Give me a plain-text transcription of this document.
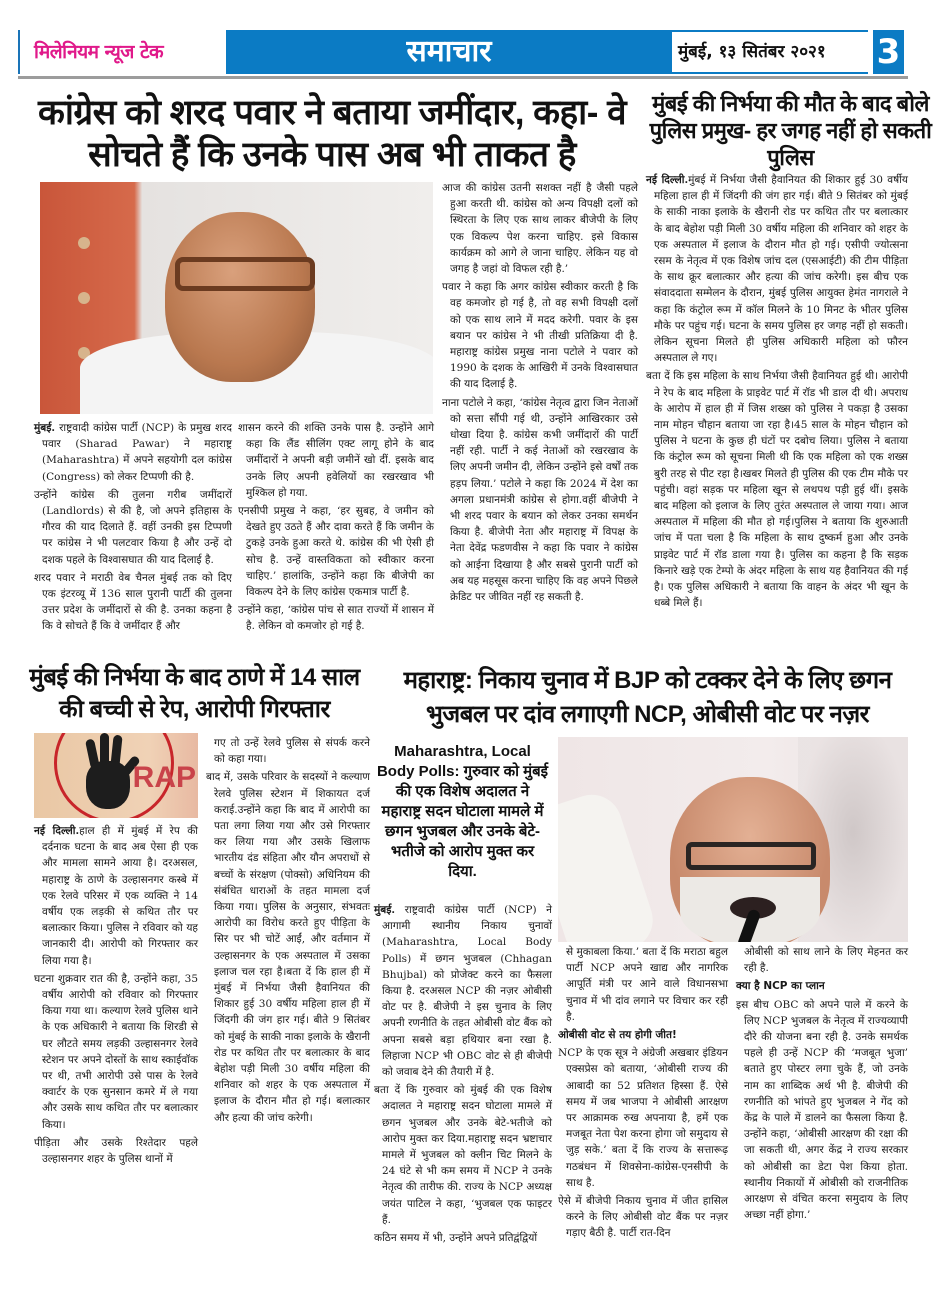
मिलेनियम न्यूज टेक	समाचार	मुंबई, १३ सितंबर २०२१	3
कांग्रेस को शरद पवार ने बताया जमींदार, कहा- वे सोचते हैं कि उनके पास अब भी ताकत है

मुंबई. राष्ट्रवादी कांग्रेस पार्टी (NCP) के प्रमुख शरद पवार (Sharad Pawar) ने महाराष्ट्र (Maharashtra) में अपने सहयोगी दल कांग्रेस (Congress) को लेकर टिप्पणी की है.

उन्होंने कांग्रेस की तुलना गरीब जमींदारों (Landlords) से की है, जो अपने इतिहास के गौरव की याद दिलाते हैं. वहीं उनकी इस टिप्पणी पर कांग्रेस ने भी पलटवार किया है और उन्हें दो दशक पहले के विश्वासघात की याद दिलाई है.

शरद पवार ने मराठी वेब चैनल मुंबई तक को दिए एक इंटरव्यू में 136 साल पुरानी पार्टी की तुलना उत्तर प्रदेश के जमींदारों से की है. उनका कहना है कि वे सोचते हैं कि वे जमींदार हैं और

शासन करने की शक्ति उनके पास है. उन्होंने आगे कहा कि लैंड सीलिंग एक्ट लागू होने के बाद जमींदारों ने अपनी बड़ी जमीनें खो दीं. इसके बाद उनके लिए अपनी हवेलियों का रखरखाव भी मुश्किल हो गया.

एनसीपी प्रमुख ने कहा, ‘हर सुबह, वे जमीन को देखते हुए उठते हैं और दावा करते हैं कि जमीन के टुकड़े उनके हुआ करते थे. कांग्रेस की भी ऐसी ही सोच है. उन्हें वास्तविकता को स्वीकार करना चाहिए.’ हालांकि, उन्होंने कहा कि बीजेपी का विकल्प देने के लिए कांग्रेस एकमात्र पार्टी है.

उन्होंने कहा, ‘कांग्रेस पांच से सात राज्यों में शासन में है. लेकिन वो कमजोर हो गई है.

आज की कांग्रेस उतनी सशक्त नहीं है जैसी पहले हुआ करती थी. कांग्रेस को अन्य विपक्षी दलों को स्थिरता के लिए एक साथ लाकर बीजेपी के लिए एक विकल्प पेश करना चाहिए. इसे विकास कार्यक्रम को आगे ले जाना चाहिए. लेकिन यह वो जगह है जहां वो विफल रही है.’

पवार ने कहा कि अगर कांग्रेस स्वीकार करती है कि वह कमजोर हो गई है, तो वह सभी विपक्षी दलों को एक साथ लाने में मदद करेगी. पवार के इस बयान पर कांग्रेस ने भी तीखी प्रतिक्रिया दी है. महाराष्ट्र कांग्रेस प्रमुख नाना पटोले ने पवार को 1990 के दशक के आखिरी में उनके विश्वासघात की याद दिलाई है.

नाना पटोले ने कहा, ‘कांग्रेस नेतृत्व द्वारा जिन नेताओं को सत्ता सौंपी गई थी, उन्होंने आखिरकार उसे धोखा दिया है. कांग्रेस कभी जमींदारों की पार्टी नहीं रही. पार्टी ने कई नेताओं को रखरखाव के लिए अपनी जमीन दी, लेकिन उन्होंने इसे वर्षों तक हड़प लिया.’ पटोले ने कहा कि 2024 में देश का अगला प्रधानमंत्री कांग्रेस से होगा.वहीं बीजेपी ने भी शरद पवार के बयान को लेकर उनका समर्थन किया है. बीजेपी नेता और महाराष्ट्र में विपक्ष के नेता देवेंद्र फडणवीस ने कहा कि पवार ने कांग्रेस को आईना दिखाया है और सबसे पुरानी पार्टी को अब यह महसूस करना चाहिए कि वह अपने पिछले क्रेडिट पर जीवित नहीं रह सकती है.

मुंबई की निर्भया की मौत के बाद बोले पुलिस प्रमुख- हर जगह नहीं हो सकती पुलिस

नई दिल्ली.मुंबई में निर्भया जैसी हैवानियत की शिकार हुई 30 वर्षीय महिला हाल ही में जिंदगी की जंग हार गई। बीते 9 सितंबर को मुंबई के साकी नाका इलाके के खैरानी रोड पर कथित तौर पर बलात्कार के बाद बेहोश पड़ी मिली 30 वर्षीय महिला की शनिवार को शहर के एक अस्पताल में इलाज के दौरान मौत हो गई। एसीपी ज्योत्सना रसम के नेतृत्व में एक विशेष जांच दल (एसआईटी) की टीम पीड़िता के साथ क्रूर बलात्कार और हत्या की जांच करेगी। इस बीच एक संवाददाता सम्मेलन के दौरान, मुंबई पुलिस आयुक्त हेमंत नागराले ने कहा कि कंट्रोल रूम में कॉल मिलने के 10 मिनट के भीतर पुलिस मौके पर पहुंच गई। घटना के समय पुलिस हर जगह नहीं हो सकती। लेकिन सूचना मिलते ही पुलिस अधिकारी महिला को फौरन अस्पताल ले गए।

बता दें कि इस महिला के साथ निर्भया जैसी हैवानियत हुई थी। आरोपी ने रेप के बाद महिला के प्राइवेट पार्ट में रॉड भी डाल दी थी। अपराध के आरोप में हाल ही में जिस शख्स को पुलिस ने पकड़ा है उसका नाम मोहन चौहान बताया जा रहा है।45 साल के मोहन चौहान को पुलिस ने घटना के कुछ ही घंटों पर दबोच लिया। पुलिस ने बताया कि कंट्रोल रूम को सूचना मिली थी कि एक महिला को एक शख्स बुरी तरह से पीट रहा है।खबर मिलते ही पुलिस की एक टीम मौके पर पहुंची। वहां सड़क पर महिला खून से लथपथ पड़ी हुई थीं। इसके बाद महिला को इलाज के लिए तुरंत अस्पताल ले जाया गया। आज अस्पताल में महिला की मौत हो गई।पुलिस ने बताया कि शुरुआती जांच में पता चला है कि महिला के साथ दुष्कर्म हुआ और उनके प्राइवेट पार्ट में रॉड डाला गया है। पुलिस का कहना है कि सड़क किनारे खड़े एक टेम्पो के अंदर महिला के साथ यह हैवानियत की गई है। एक पुलिस अधिकारी ने बताया कि वाहन के अंदर भी खून के धब्बे मिले हैं।

मुंबई की निर्भया के बाद ठाणे में 14 साल की बच्ची से रेप, आरोपी गिरफ्तार
RAP

नई दिल्ली.हाल ही में मुंबई में रेप की दर्दनाक घटना के बाद अब ऐसा ही एक और मामला सामने आया है। दरअसल, महाराष्ट्र के ठाणे के उल्हासनगर कस्बे में एक रेलवे परिसर में एक व्यक्ति ने 14 वर्षीय एक लड़की से कथित तौर पर बलात्कार किया। पुलिस ने रविवार को यह जानकारी दी। आरोपी को गिरफ्तार कर लिया गया है।

घटना शुक्रवार रात की है, उन्होंने कहा, 35 वर्षीय आरोपी को रविवार को गिरफ्तार किया गया था। कल्याण रेलवे पुलिस थाने के एक अधिकारी ने बताया कि शिरडी से घर लौटते समय लड़की उल्हासनगर रेलवे स्टेशन पर अपने दोस्तों के साथ स्काईवॉक पर थी, तभी आरोपी उसे पास के रेलवे क्वार्टर के एक सुनसान कमरे में ले गया और उसके साथ कथित तौर पर बलात्कार किया।

पीड़िता और उसके रिश्तेदार पहले उल्हासनगर शहर के पुलिस थानों में

गए तो उन्हें रेलवे पुलिस से संपर्क करने को कहा गया।

बाद में, उसके परिवार के सदस्यों ने कल्याण रेलवे पुलिस स्टेशन में शिकायत दर्ज कराई.उन्होंने कहा कि बाद में आरोपी का पता लगा लिया गया और उसे गिरफ्तार कर लिया गया और उसके खिलाफ भारतीय दंड संहिता और यौन अपराधों से बच्चों के संरक्षण (पोक्सो) अधिनियम की संबंधित धाराओं के तहत मामला दर्ज किया गया। पुलिस के अनुसार, संभवतः आरोपी का विरोध करते हुए पीड़िता के सिर पर भी चोटें आईं, और वर्तमान में उल्हासनगर के एक अस्पताल में उसका इलाज चल रहा है।बता दें कि हाल ही में मुंबई में निर्भया जैसी हैवानियत की शिकार हुई 30 वर्षीय महिला हाल ही में जिंदगी की जंग हार गई। बीते 9 सितंबर को मुंबई के साकी नाका इलाके के खैरानी रोड पर कथित तौर पर बलात्कार के बाद बेहोश पड़ी मिली 30 वर्षीय महिला की शनिवार को शहर के एक अस्पताल में इलाज के दौरान मौत हो गई। बलात्कार और हत्या की जांच करेगी।

महाराष्ट्र: निकाय चुनाव में BJP को टक्कर देने के लिए छगन भुजबल पर दांव लगाएगी NCP, ओबीसी वोट पर नज़र
Maharashtra, Local Body Polls: गुरुवार को मुंबई की एक विशेष अदालत ने महाराष्ट्र सदन घोटाला मामले में छगन भुजबल और उनके बेटे-भतीजे को आरोप मुक्त कर दिया.

मुंबई. राष्ट्रवादी कांग्रेस पार्टी (NCP) ने आगामी स्थानीय निकाय चुनावों (Maharashtra, Local Body Polls) में छगन भुजबल (Chhagan Bhujbal) को प्रोजेक्ट करने का फैसला किया है. दरअसल NCP की नज़र ओबीसी वोट पर है. बीजेपी ने इस चुनाव के लिए अपनी रणनीति के तहत ओबीसी वोट बैंक को अपना सबसे बड़ा हथियार बना रखा है. लिहाजा NCP भी OBC वोट से ही बीजेपी को जवाब देने की तैयारी में है.

बता दें कि गुरुवार को मुंबई की एक विशेष अदालत ने महाराष्ट्र सदन घोटाला मामले में छगन भुजबल और उनके बेटे-भतीजे को आरोप मुक्त कर दिया.महाराष्ट्र सदन भ्रष्टाचार मामले में भुजबल को क्लीन चिट मिलने के 24 घंटे से भी कम समय में NCP ने उनके नेतृत्व की तारीफ की. राज्य के NCP अध्यक्ष जयंत पाटिल ने कहा, ‘भुजबल एक फाइटर हैं.

कठिन समय में भी, उन्होंने अपने प्रतिद्वंद्वियों

से मुकाबला किया.’ बता दें कि मराठा बहुल पार्टी NCP अपने खाद्य और नागरिक आपूर्ति मंत्री पर आने वाले विधानसभा चुनाव में भी दांव लगाने पर विचार कर रही है.

ओबीसी वोट से तय होगी जीत!

NCP के एक सूत्र ने अंग्रेजी अखबार इंडियन एक्सप्रेस को बताया, ‘ओबीसी राज्य की आबादी का 52 प्रतिशत हिस्सा हैं. ऐसे समय में जब भाजपा ने ओबीसी आरक्षण पर आक्रामक रुख अपनाया है, हमें एक मजबूत नेता पेश करना होगा जो समुदाय से जुड़ सके.’ बता दें कि राज्य के सत्तारूढ़ गठबंधन में शिवसेना-कांग्रेस-एनसीपी के साथ है.

ऐसे में बीजेपी निकाय चुनाव में जीत हासिल करने के लिए ओबीसी वोट बैंक पर नज़र गड़ाए बैठी है. पार्टी रात-दिन

ओबीसी को साथ लाने के लिए मेहनत कर रही है.

क्या है NCP का प्लान

इस बीच OBC को अपने पाले में करने के लिए NCP भुजबल के नेतृत्व में राज्यव्यापी दौरे की योजना बना रही है. उनके समर्थक पहले ही उन्हें NCP की ‘मजबूत भुजा’ बताते हुए पोस्टर लगा चुके हैं, जो उनके नाम का शाब्दिक अर्थ भी है. बीजेपी की रणनीति को भांपते हुए भुजबल ने गेंद को केंद्र के पाले में डालने का फैसला किया है. उन्होंने कहा, ‘ओबीसी आरक्षण की रक्षा की जा सकती थी, अगर केंद्र ने राज्य सरकार को ओबीसी का डेटा पेश किया होता. स्थानीय निकायों में ओबीसी को राजनीतिक आरक्षण से वंचित करना समुदाय के लिए अच्छा नहीं होगा.’
